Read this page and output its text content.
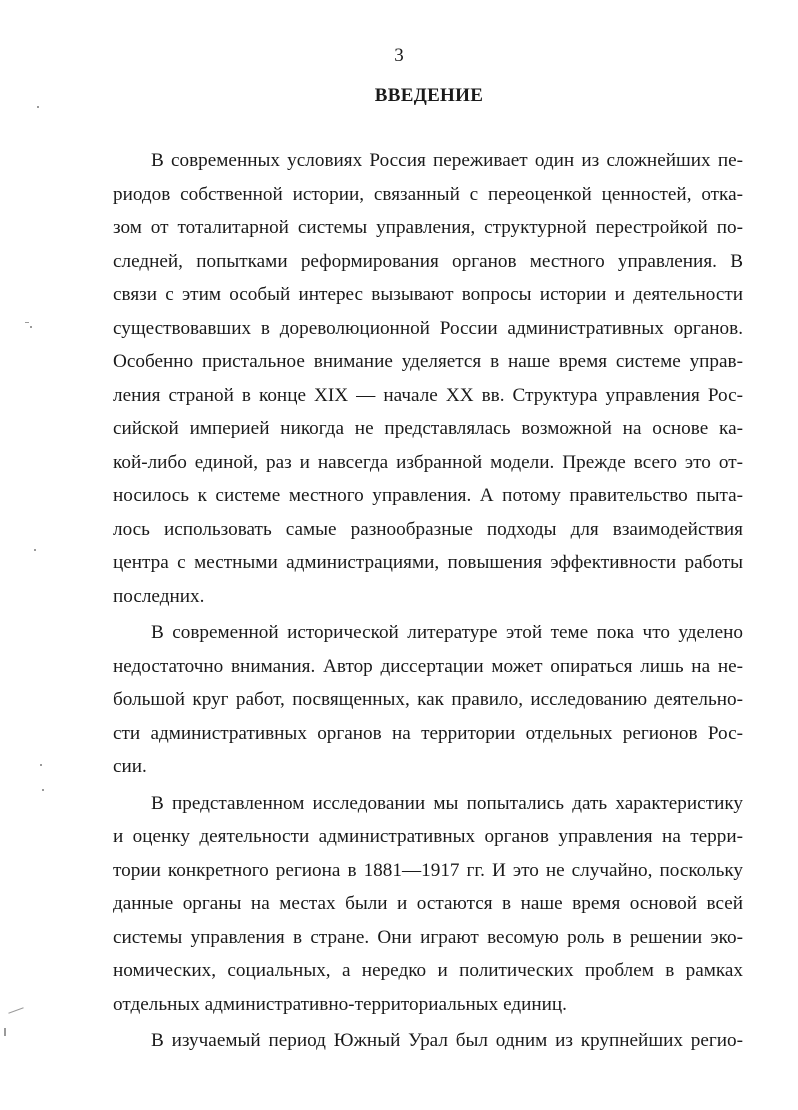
3
ВВЕДЕНИЕ
В современных условиях Россия переживает один из сложнейших пе-
риодов собственной истории, связанный с переоценкой ценностей, отка-
зом от тоталитарной системы управления, структурной перестройкой по-
следней, попытками реформирования органов местного управления. В
связи с этим особый интерес вызывают вопросы истории и деятельности
существовавших в дореволюционной России административных органов.
Особенно пристальное внимание уделяется в наше время системе управ-
ления страной в конце XIX — начале XX вв. Структура управления Рос-
сийской империей никогда не представлялась возможной на основе ка-
кой-либо единой, раз и навсегда избранной модели. Прежде всего это от-
носилось к системе местного управления. А потому правительство пыта-
лось использовать самые разнообразные подходы для взаимодействия
центра с местными администрациями, повышения эффективности работы
последних.
В современной исторической литературе этой теме пока что уделено
недостаточно внимания. Автор диссертации может опираться лишь на не-
большой круг работ, посвященных, как правило, исследованию деятельно-
сти административных органов на территории отдельных регионов Рос-
сии.
В представленном исследовании мы попытались дать характеристику
и оценку деятельности административных органов управления на терри-
тории конкретного региона в 1881—1917 гг. И это не случайно, поскольку
данные органы на местах были и остаются в наше время основой всей
системы управления в стране. Они играют весомую роль в решении эко-
номических, социальных, а нередко и политических проблем в рамках
отдельных административно-территориальных единиц.
В изучаемый период Южный Урал был одним из крупнейших регио-
